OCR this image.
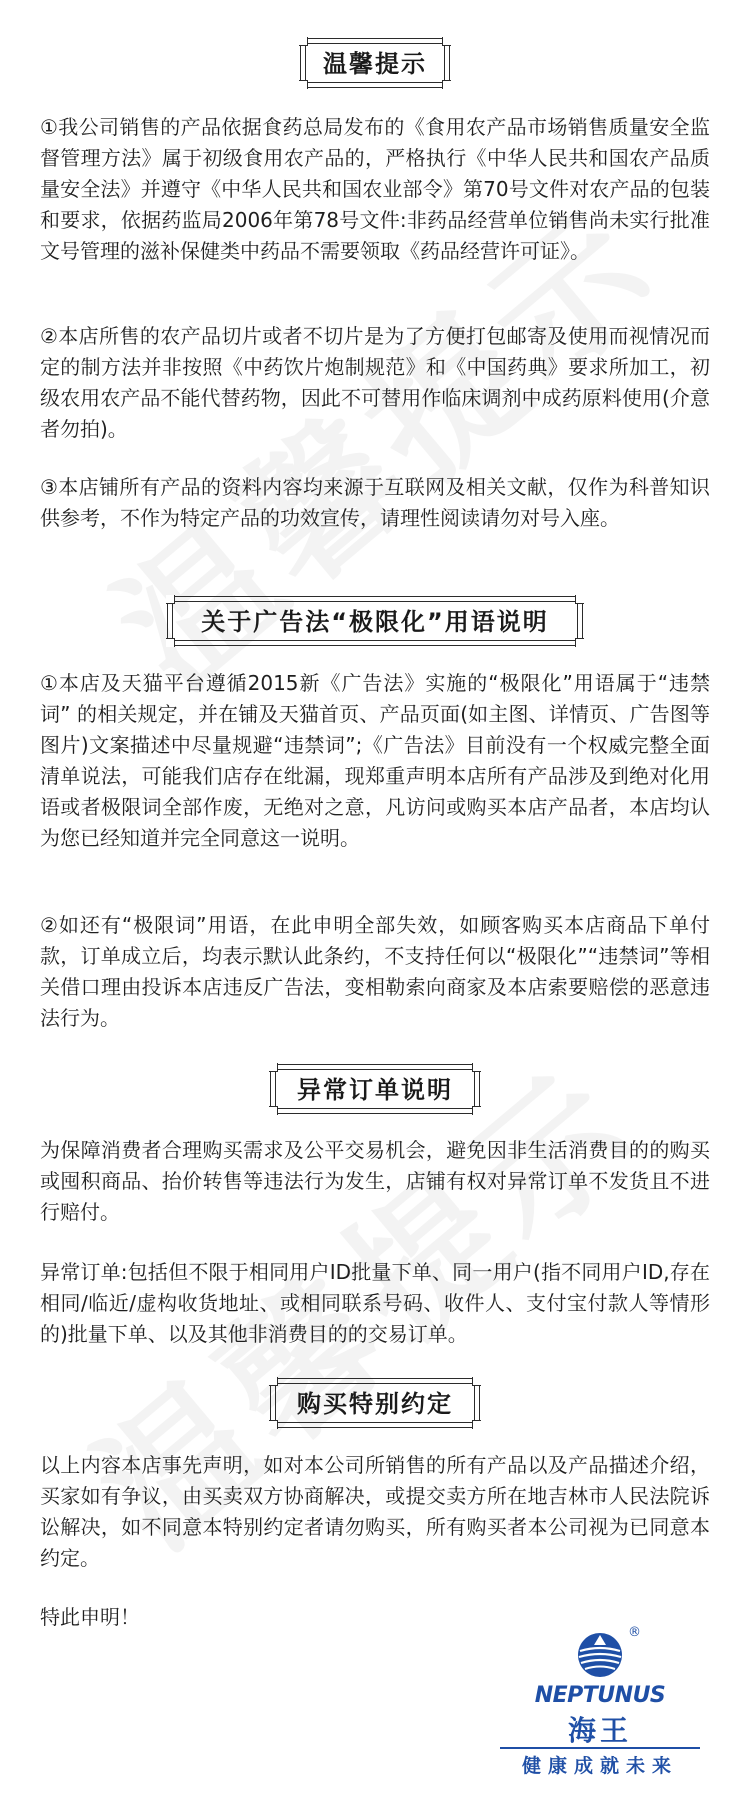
温馨提示

①我公司销售的产品依据食药总局发布的《食用农产品市场销售质量安全监督管理方法》属于初级食用农产品的，严格执行《中华人民共和国农产品质量安全法》并遵守《中华人民共和国农业部令》第70号文件对农产品的包装和要求，依据药监局2006年第78号文件:非药品经营单位销售尚未实行批准文号管理的滋补保健类中药品不需要领取《药品经营许可证》。

②本店所售的农产品切片或者不切片是为了方便打包邮寄及使用而视情况而定的制方法并非按照《中药饮片炮制规范》和《中国药典》要求所加工，初级农用农产品不能代替药物，因此不可替用作临床调剂中成药原料使用(介意者勿拍)。

③本店铺所有产品的资料内容均来源于互联网及相关文献，仅作为科普知识供参考，不作为特定产品的功效宣传，请理性阅读请勿对号入座。

关于广告法“极限化”用语说明

①本店及天猫平台遵循2015新《广告法》实施的“极限化”用语属于“违禁词” 的相关规定，并在铺及天猫首页、产品页面(如主图、详情页、广告图等图片)文案描述中尽量规避“违禁词”;《广告法》目前没有一个权威完整全面清单说法，可能我们店存在纰漏，现郑重声明本店所有产品涉及到绝对化用语或者极限词全部作废，无绝对之意，凡访问或购买本店产品者，本店均认为您已经知道并完全同意这一说明。

②如还有“极限词”用语，在此申明全部失效，如顾客购买本店商品下单付款，订单成立后，均表示默认此条约，不支持任何以“极限化”“违禁词”等相关借口理由投诉本店违反广告法，变相勒索向商家及本店索要赔偿的恶意违法行为。

异常订单说明

为保障消费者合理购买需求及公平交易机会，避免因非生活消费目的的购买或囤积商品、抬价转售等违法行为发生，店铺有权对异常订单不发货且不进行赔付。

异常订单:包括但不限于相同用户ID批量下单、同一用户(指不同用户ID,存在相同/临近/虚构收货地址、或相同联系号码、收件人、支付宝付款人等情形的)批量下单、以及其他非消费目的的交易订单。

购买特别约定

以上内容本店事先声明，如对本公司所销售的所有产品以及产品描述介绍，买家如有争议，由买卖双方协商解决，或提交卖方所在地吉林市人民法院诉讼解决，如不同意本特别约定者请勿购买，所有购买者本公司视为已同意本约定。

特此申明！

®
NEPTUNUS
海王
健康成就未来
